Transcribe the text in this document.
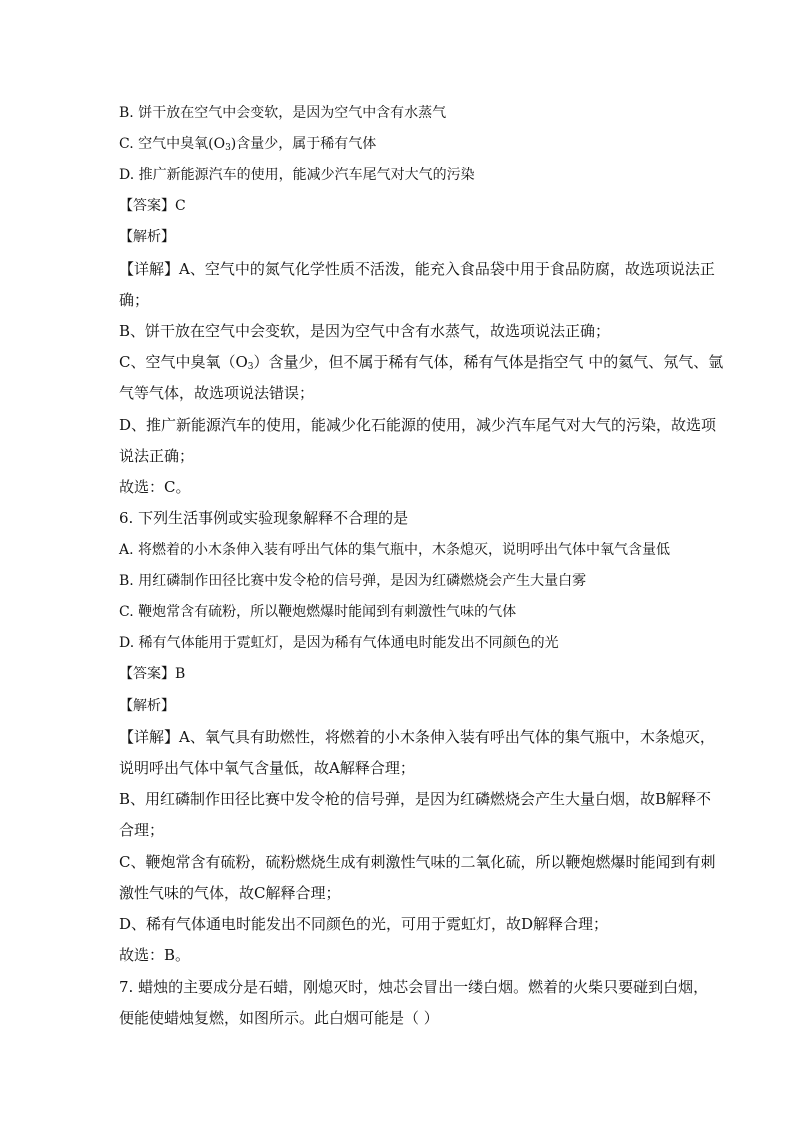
B. 饼干放在空气中会变软，是因为空气中含有水蒸气
C. 空气中臭氧$(O_3)$含量少，属于稀有气体
D. 推广新能源汽车的使用，能减少汽车尾气对大气的污染
【答案】C
【解析】
【详解】A、空气中的氮气化学性质不活泼，能充入食品袋中用于食品防腐，故选项说法正
确；
B、饼干放在空气中会变软，是因为空气中含有水蒸气，故选项说法正确；
C、空气中臭氧$(O_3)$含量少，但不属于稀有气体，稀有气体是指空气 中的氦气、氖气、氩
气等气体，故选项说法错误；
D、推广新能源汽车的使用，能减少化石能源的使用，减少汽车尾气对大气的污染，故选项
说法正确；
故选：C。
6. 下列生活事例或实验现象解释不合理的是
A. 将燃着的小木条伸入装有呼出气体的集气瓶中，木条熄灭，说明呼出气体中氧气含量低
B. 用红磷制作田径比赛中发令枪的信号弹，是因为红磷燃烧会产生大量白雾
C. 鞭炮常含有硫粉，所以鞭炮燃爆时能闻到有刺激性气味的气体
D. 稀有气体能用于霓虹灯，是因为稀有气体通电时能发出不同颜色的光
【答案】B
【解析】
【详解】A、氧气具有助燃性，将燃着的小木条伸入装有呼出气体的集气瓶中，木条熄灭，
说明呼出气体中氧气含量低，故A解释合理；
B、用红磷制作田径比赛中发令枪的信号弹，是因为红磷燃烧会产生大量白烟，故B解释不
合理；
C、鞭炮常含有硫粉，硫粉燃烧生成有刺激性气味的二氧化硫，所以鞭炮燃爆时能闻到有刺
激性气味的气体，故C解释合理；
D、稀有气体通电时能发出不同颜色的光，可用于霓虹灯，故D解释合理；
故选：B。
7. 蜡烛的主要成分是石蜡，刚熄灭时，烛芯会冒出一缕白烟。燃着的火柴只要碰到白烟，
便能使蜡烛复燃，如图所示。此白烟可能是（ ）
